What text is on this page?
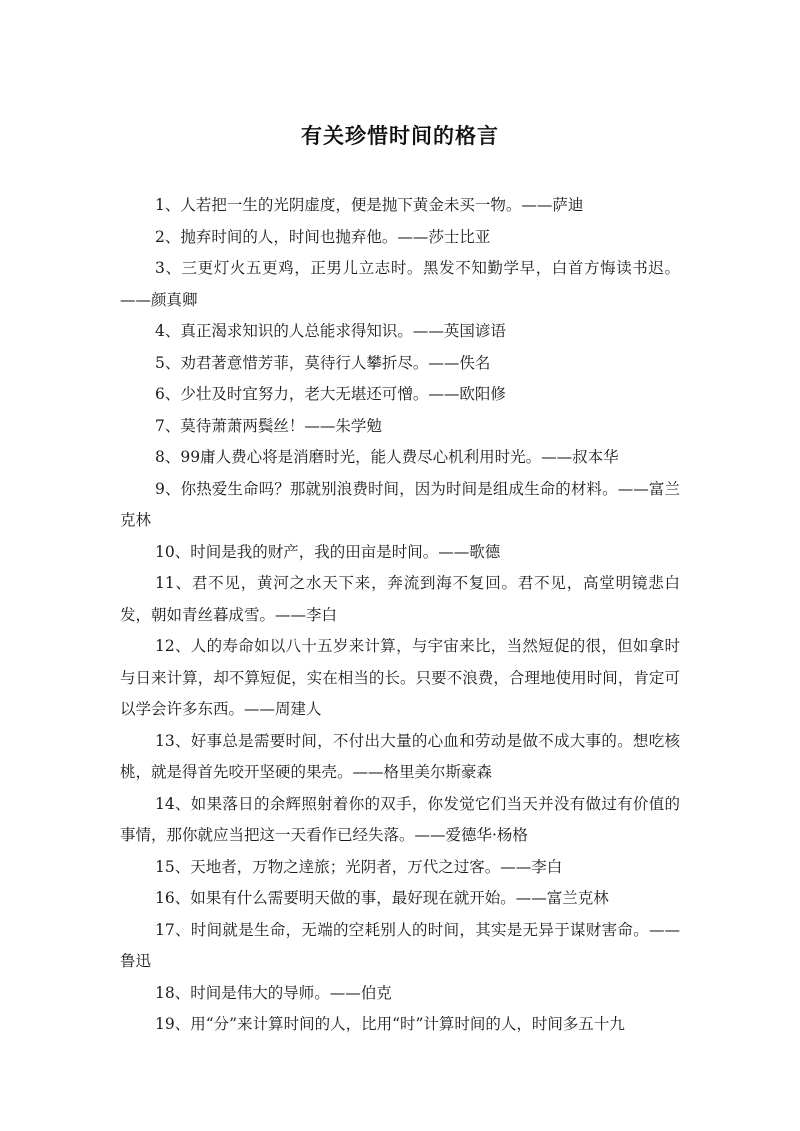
有关珍惜时间的格言
1、人若把一生的光阴虚度，便是抛下黄金未买一物。——萨迪
2、抛弃时间的人，时间也抛弃他。——莎士比亚
3、三更灯火五更鸡，正男儿立志时。黑发不知勤学早，白首方悔读书迟。——颜真卿
4、真正渴求知识的人总能求得知识。——英国谚语
5、劝君著意惜芳菲，莫待行人攀折尽。——佚名
6、少壮及时宜努力，老大无堪还可憎。——欧阳修
7、莫待萧萧两鬓丝！——朱学勉
8、99庸人费心将是消磨时光，能人费尽心机利用时光。——叔本华
9、你热爱生命吗？那就别浪费时间，因为时间是组成生命的材料。——富兰克林
10、时间是我的财产，我的田亩是时间。——歌德
11、君不见，黄河之水天下来，奔流到海不复回。君不见，高堂明镜悲白发，朝如青丝暮成雪。——李白
12、人的寿命如以八十五岁来计算，与宇宙来比，当然短促的很，但如拿时与日来计算，却不算短促，实在相当的长。只要不浪费，合理地使用时间，肯定可以学会许多东西。——周建人
13、好事总是需要时间，不付出大量的心血和劳动是做不成大事的。想吃核桃，就是得首先咬开坚硬的果壳。——格里美尔斯豪森
14、如果落日的余辉照射着你的双手，你发觉它们当天并没有做过有价值的事情，那你就应当把这一天看作已经失落。——爱德华·杨格
15、天地者，万物之逹旅；光阴者，万代之过客。——李白
16、如果有什么需要明天做的事，最好现在就开始。——富兰克林
17、时间就是生命，无端的空耗别人的时间，其实是无异于谋财害命。——鲁迅
18、时间是伟大的导师。——伯克
19、用“分”来计算时间的人，比用“时”计算时间的人，时间多五十九
